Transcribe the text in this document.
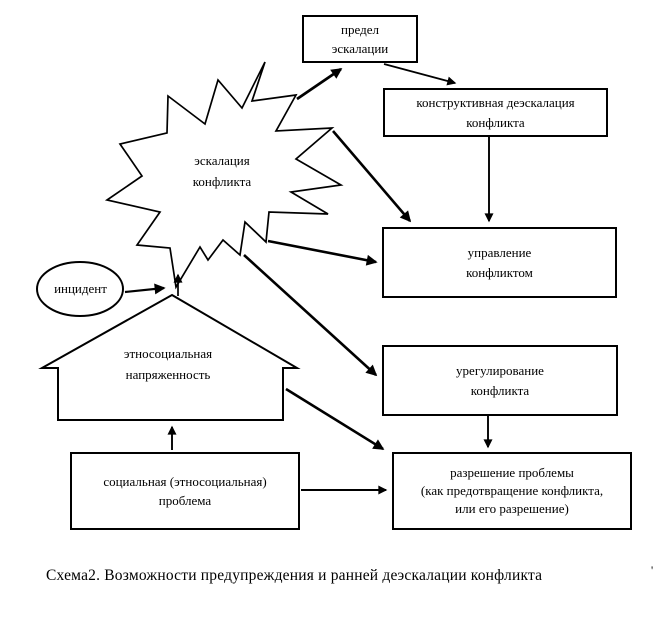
предел
эскалации
конструктивная деэскалация
конфликта
управление
конфликтом
урегулирование
конфликта
разрешение проблемы
(как предотвращение конфликта,
или его разрешение)
социальная (этносоциальная)
проблема
эскалация
конфликта
инцидент
этносоциальная
напряженность
Схема2. Возможности предупреждения и ранней деэскалации конфликта	'
